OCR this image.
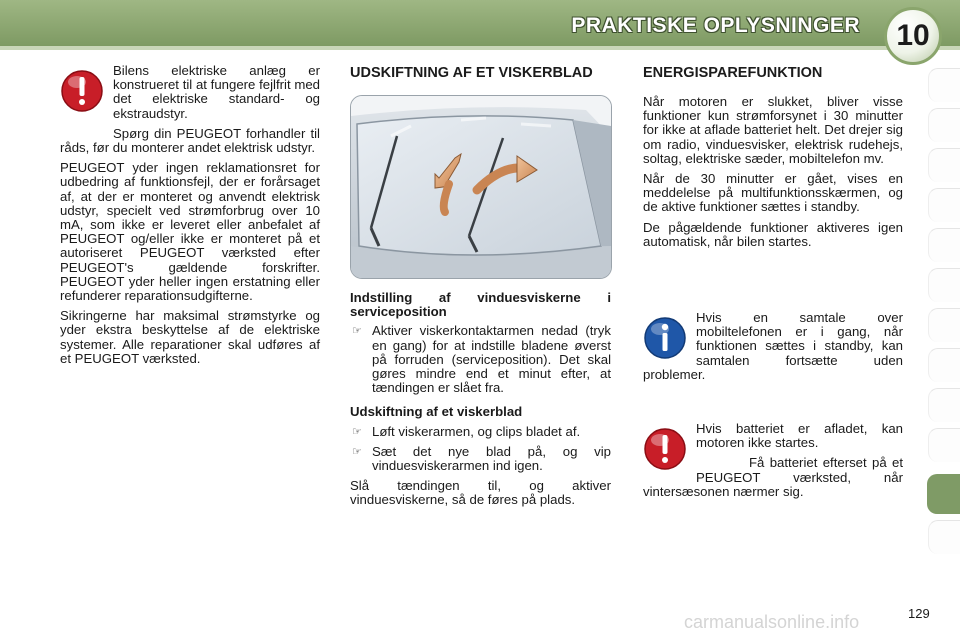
PRAKTISKE OPLYSNINGER	10

Bilens elektriske anlæg er konstrueret til at fungere fejlfrit med det elektriske standard- og ekstraudstyr.

Spørg din PEUGEOT forhandler til råds, før du monterer andet elektrisk udstyr.

PEUGEOT yder ingen reklamationsret for udbedring af funktionsfejl, der er forårsaget af, at der er monteret og anvendt elektrisk udstyr, specielt ved strømforbrug over 10 mA, som ikke er leveret eller anbefalet af PEUGEOT og/eller ikke er monteret på et autoriseret PEUGEOT værksted efter PEUGEOT's gældende forskrifter. PEUGEOT yder heller ingen erstatning eller refunderer reparationsudgifterne.

Sikringerne har maksimal strømstyrke og yder ekstra beskyttelse af de elektriske systemer. Alle reparationer skal udføres af et PEUGEOT værksted.

UDSKIFTNING AF ET VISKERBLAD

Indstilling af vinduesviskerne i serviceposition

☞ Aktiver viskerkontaktarmen nedad (tryk en gang) for at indstille bladene øverst på forruden (serviceposition). Det skal gøres mindre end et minut efter, at tændingen er slået fra.

Udskiftning af et viskerblad

☞ Løft viskerarmen, og clips bladet af.
☞ Sæt det nye blad på, og vip vinduesviskerarmen ind igen.

Slå tændingen til, og aktiver vinduesviskerne, så de føres på plads.

ENERGISPAREFUNKTION

Når motoren er slukket, bliver visse funktioner kun strømforsynet i 30 minutter for ikke at aflade batteriet helt. Det drejer sig om radio, vinduesvisker, elektrisk rudehejs, soltag, elektriske sæder, mobiltelefon mv.

Når de 30 minutter er gået, vises en meddelelse på multifunktionsskærmen, og de aktive funktioner sættes i standby.

De pågældende funktioner aktiveres igen automatisk, når bilen startes.

Hvis en samtale over mobiltelefonen er i gang, når funktionen sættes i standby, kan samtalen fortsætte uden problemer.

Hvis batteriet er afladet, kan motoren ikke startes.

Få batteriet efterset på et PEUGEOT værksted, når vintersæsonen nærmer sig.

carmanualsonline.info	129
